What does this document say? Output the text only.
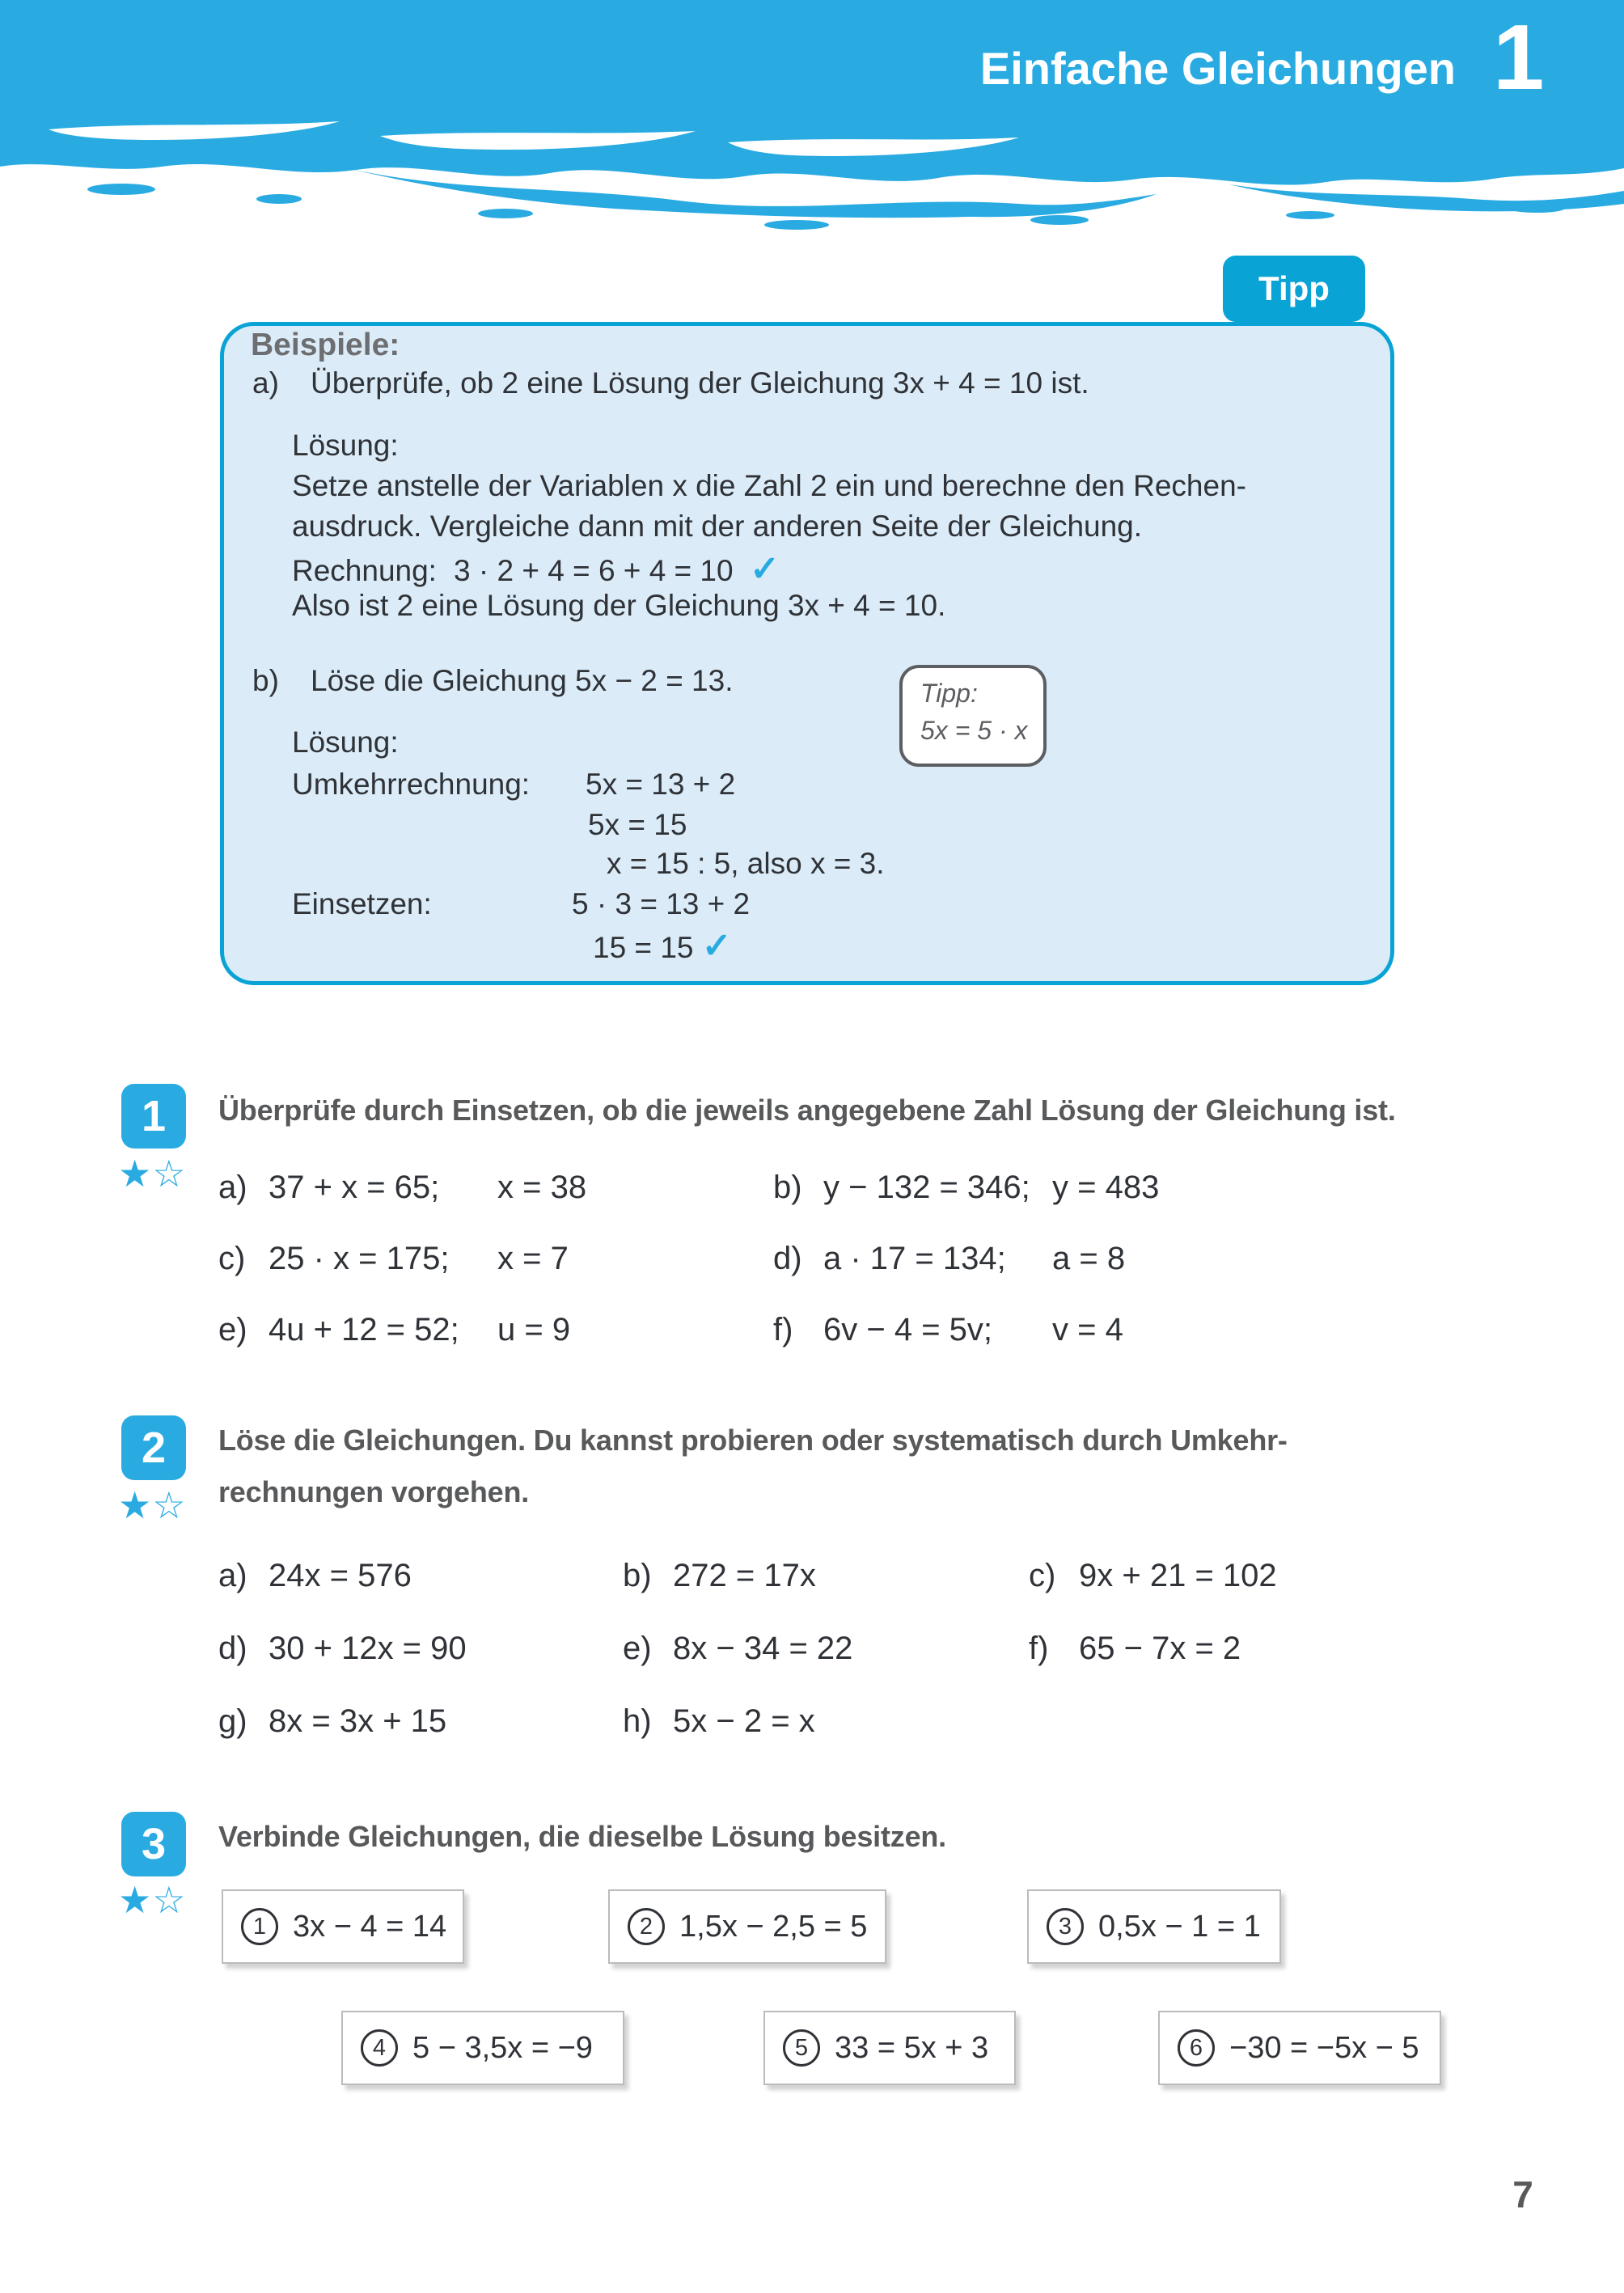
Einfache Gleichungen 1
Tipp
Beispiele:
a) Überprüfe, ob 2 eine Lösung der Gleichung 3x + 4 = 10 ist.
Lösung:
Setze anstelle der Variablen x die Zahl 2 ein und berechne den Rechen-
ausdruck. Vergleiche dann mit der anderen Seite der Gleichung.
Rechnung: 3 · 2 + 4 = 6 + 4 = 10 ✓
Also ist 2 eine Lösung der Gleichung 3x + 4 = 10.
b) Löse die Gleichung 5x − 2 = 13.	Tipp:
5x = 5 · x
Lösung:
Umkehrrechnung: 5x = 13 + 2
5x = 15
x = 15 : 5, also x = 3.
Einsetzen:	5 · 3 = 13 + 2
15 = 15 ✓
1
★☆
Überprüfe durch Einsetzen, ob die jeweils angegebene Zahl Lösung der Gleichung ist.
a) 37 + x = 65; x = 38	b) y − 132 = 346; y = 483
c) 25 · x = 175; x = 7	d) a · 17 = 134; a = 8
e) 4u + 12 = 52; u = 9	f) 6v − 4 = 5v; v = 4
2
★☆
Löse die Gleichungen. Du kannst probieren oder systematisch durch Umkehr-
rechnungen vorgehen.
a) 24x = 576	b) 272 = 17x	c) 9x + 21 = 102
d) 30 + 12x = 90	e) 8x − 34 = 22	f) 65 − 7x = 2
g) 8x = 3x + 15	h) 5x − 2 = x
3
★☆
Verbinde Gleichungen, die dieselbe Lösung besitzen.
1 3x − 4 = 14	2 1,5x − 2,5 = 5	3 0,5x − 1 = 1
4 5 − 3,5x = −9	5 33 = 5x + 3	6 −30 = −5x − 5
7
